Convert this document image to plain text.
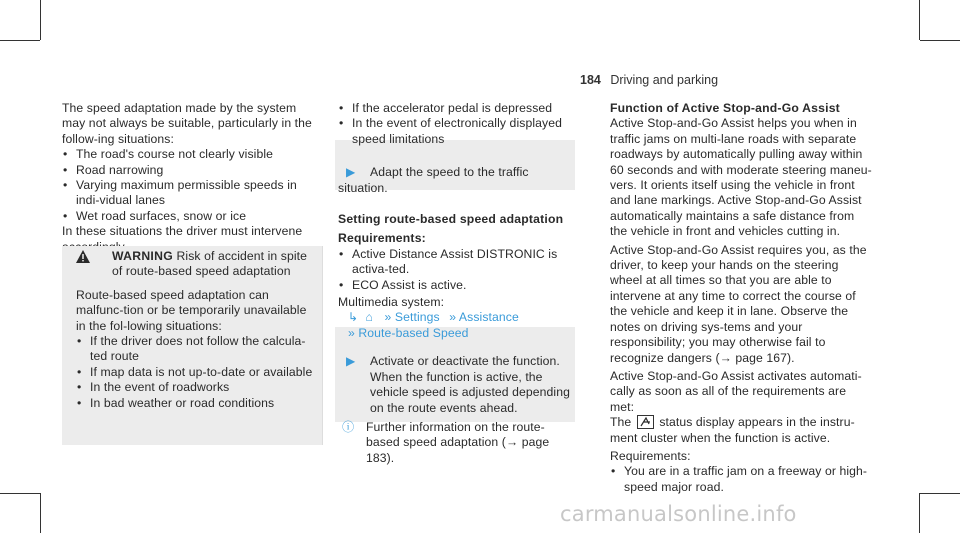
184 Driving and parking

The speed adaptation made by the system may not always be suitable, particularly in the follow-ing situations:

• The road's course not clearly visible

• Road narrowing

• Varying maximum permissible speeds in indi-vidual lanes

• Wet road surfaces, snow or ice

In these situations the driver must intervene

WARNING Risk of accident in spite of route-based speed adaptation

Route-based speed adaptation can malfunc-tion or be temporarily unavailable in the fol-lowing situations:

• If the driver does not follow the calcula-ted route

• If map data is not up-to-date or available

• In the event of roadworks

• In bad weather or road conditions

• If the accelerator pedal is depressed

• In the event of electronically displayed speed limitations

▶ Adapt the speed to the traffic situation.

Setting route-based speed adaptation

Requirements:

• Active Distance Assist DISTRONIC is activa-ted.

• ECO Assist is active.

Multimedia system:

↳ ⌂ » Settings » Assistance

» Route-based Speed

▶	Activate or deactivate the function.

When the function is active, the vehicle speed is adjusted depending on the route events ahead.

ⓘ Further information on the route-based speed adaptation (→ page 183).

Function of Active Stop-and-Go Assist

Active Stop-and-Go Assist helps you when in traffic jams on multi-lane roads with separate roadways by automatically pulling away within 60 seconds and with moderate steering maneu-vers. It orients itself using the vehicle in front and lane markings. Active Stop-and-Go Assist automatically maintains a safe distance from the vehicle in front and vehicles cutting in.

Active Stop-and-Go Assist requires you, as the driver, to keep your hands on the steering wheel at all times so that you are able to intervene at any time to correct the course of the vehicle and keep it in lane. Observe the notes on driving sys-tems and your responsibility; you may otherwise fail to recognize dangers (→ page 167).

Active Stop-and-Go Assist activates automati-cally as soon as all of the requirements are met:

The status display appears in the instru-ment cluster when the function is active.

Requirements:

• You are in a traffic jam on a freeway or high-speed major road.

carmanualsonline.info
